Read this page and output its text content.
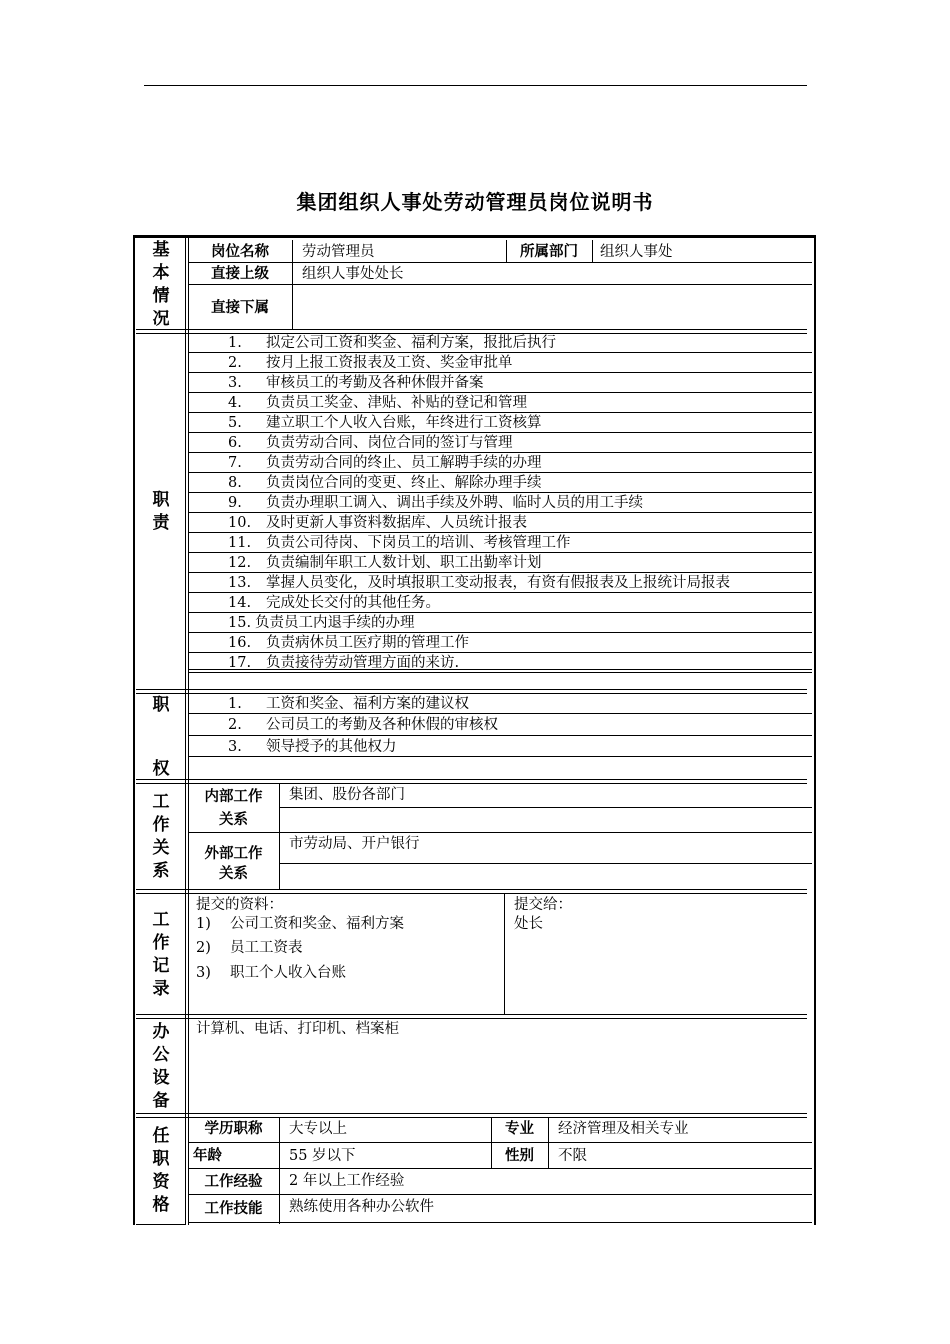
集团组织人事处劳动管理员岗位说明书
基
本
情
况
岗位名称	劳动管理员	所属部门	组织人事处
直接上级	组织人事处处长
直接下属
职
责
1. 拟定公司工资和奖金、福利方案，报批后执行
2. 按月上报工资报表及工资、奖金审批单
3. 审核员工的考勤及各种休假并备案
4. 负责员工奖金、津贴、补贴的登记和管理
5. 建立职工个人收入台账，年终进行工资核算
6. 负责劳动合同、岗位合同的签订与管理
7. 负责劳动合同的终止、员工解聘手续的办理
8. 负责岗位合同的变更、终止、解除办理手续
9. 负责办理职工调入、调出手续及外聘、临时人员的用工手续
10. 及时更新人事资料数据库、人员统计报表
11. 负责公司待岗、下岗员工的培训、考核管理工作
12. 负责编制年职工人数计划、职工出勤率计划
13. 掌握人员变化，及时填报职工变动报表，有资有假报表及上报统计局报表
14. 完成处长交付的其他任务。
15. 负责员工内退手续的办理
16. 负责病休员工医疗期的管理工作
17. 负责接待劳动管理方面的来访.
职
权
1. 工资和奖金、福利方案的建议权
2. 公司员工的考勤及各种休假的审核权
3. 领导授予的其他权力
工
作
关
系
内部工作
关系
集团、股份各部门
外部工作
关系
市劳动局、开户银行
工
作
记
录
提交的资料：
1) 公司工资和奖金、福利方案
2) 员工工资表
3) 职工个人收入台账
提交给：
处长
办
公
设
备
计算机、电话、打印机、档案柜
任
职
资
格
学历职称	大专以上	专业	经济管理及相关专业
年龄	55 岁以下	性别	不限
工作经验	2 年以上工作经验
工作技能	熟练使用各种办公软件
